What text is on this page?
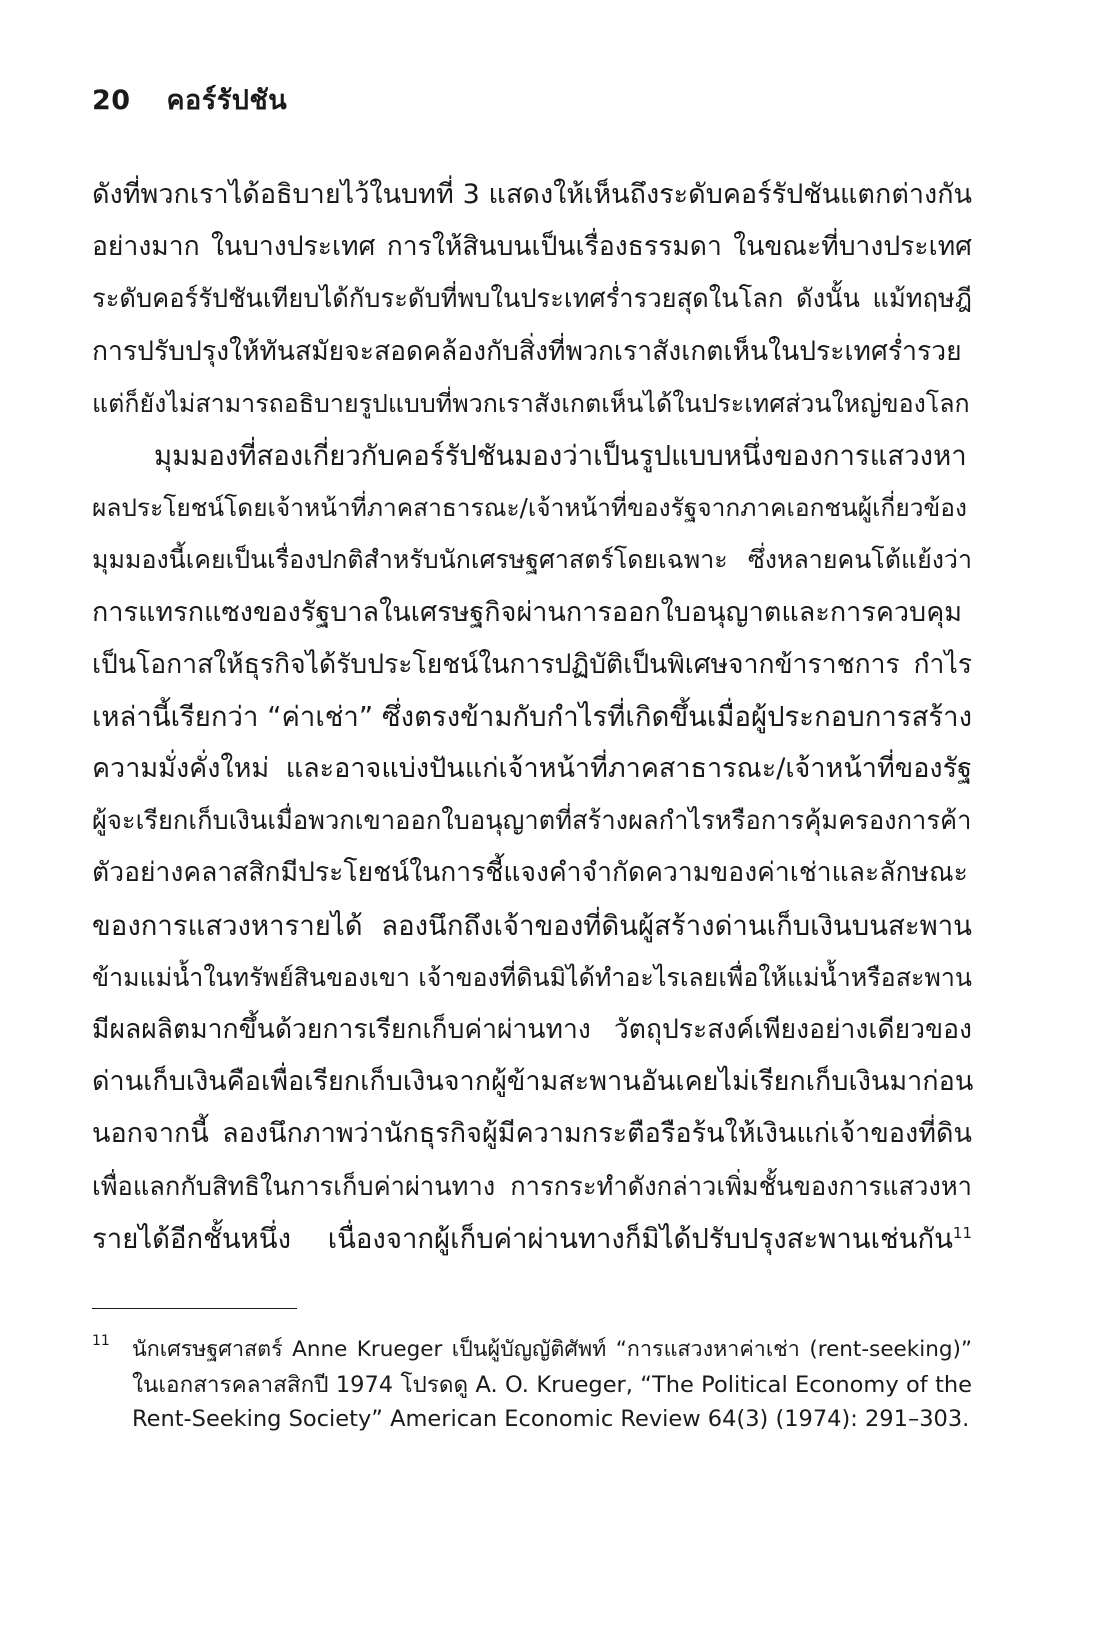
20 คอร์รัปชัน
ดังที่พวกเราได้อธิบายไว้ในบทที่ 3 แสดงให้เห็นถึงระดับคอร์รัปชันแตกต่างกัน
อย่างมาก ในบางประเทศ การให้สินบนเป็นเรื่องธรรมดา ในขณะที่บางประเทศ
ระดับคอร์รัปชันเทียบได้กับระดับที่พบในประเทศร่ำรวยสุดในโลก ดังนั้น แม้ทฤษฎี
การปรับปรุงให้ทันสมัยจะสอดคล้องกับสิ่งที่พวกเราสังเกตเห็นในประเทศร่ำรวย
แต่ก็ยังไม่สามารถอธิบายรูปแบบที่พวกเราสังเกตเห็นได้ในประเทศส่วนใหญ่ของโลก
มุมมองที่สองเกี่ยวกับคอร์รัปชันมองว่าเป็นรูปแบบหนึ่งของการแสวงหา
ผลประโยชน์โดยเจ้าหน้าที่ภาคสาธารณะ/เจ้าหน้าที่ของรัฐจากภาคเอกชนผู้เกี่ยวข้อง
มุมมองนี้เคยเป็นเรื่องปกติสำหรับนักเศรษฐศาสตร์โดยเฉพาะ ซึ่งหลายคนโต้แย้งว่า
การแทรกแซงของรัฐบาลในเศรษฐกิจผ่านการออกใบอนุญาตและการควบคุม
เป็นโอกาสให้ธุรกิจได้รับประโยชน์ในการปฏิบัติเป็นพิเศษจากข้าราชการ กำไร
เหล่านี้เรียกว่า “ค่าเช่า” ซึ่งตรงข้ามกับกำไรที่เกิดขึ้นเมื่อผู้ประกอบการสร้าง
ความมั่งคั่งใหม่ และอาจแบ่งปันแก่เจ้าหน้าที่ภาคสาธารณะ/เจ้าหน้าที่ของรัฐ
ผู้จะเรียกเก็บเงินเมื่อพวกเขาออกใบอนุญาตที่สร้างผลกำไรหรือการคุ้มครองการค้า
ตัวอย่างคลาสสิกมีประโยชน์ในการชี้แจงคำจำกัดความของค่าเช่าและลักษณะ
ของการแสวงหารายได้ ลองนึกถึงเจ้าของที่ดินผู้สร้างด่านเก็บเงินบนสะพาน
ข้ามแม่น้ำในทรัพย์สินของเขา เจ้าของที่ดินมิได้ทำอะไรเลยเพื่อให้แม่น้ำหรือสะพาน
มีผลผลิตมากขึ้นด้วยการเรียกเก็บค่าผ่านทาง วัตถุประสงค์เพียงอย่างเดียวของ
ด่านเก็บเงินคือเพื่อเรียกเก็บเงินจากผู้ข้ามสะพานอันเคยไม่เรียกเก็บเงินมาก่อน
นอกจากนี้ ลองนึกภาพว่านักธุรกิจผู้มีความกระตือรือร้นให้เงินแก่เจ้าของที่ดิน
เพื่อแลกกับสิทธิในการเก็บค่าผ่านทาง การกระทำดังกล่าวเพิ่มชั้นของการแสวงหา
รายได้อีกชั้นหนึ่ง เนื่องจากผู้เก็บค่าผ่านทางก็มิได้ปรับปรุงสะพานเช่นกัน$^{11}$
11 นักเศรษฐศาสตร์ Anne Krueger เป็นผู้บัญญัติศัพท์ “การแสวงหาค่าเช่า (rent-seeking)”
ในเอกสารคลาสสิกปี 1974 โปรดดู A. O. Krueger, “The Political Economy of the
Rent-Seeking Society” American Economic Review 64(3) (1974): 291–303.
